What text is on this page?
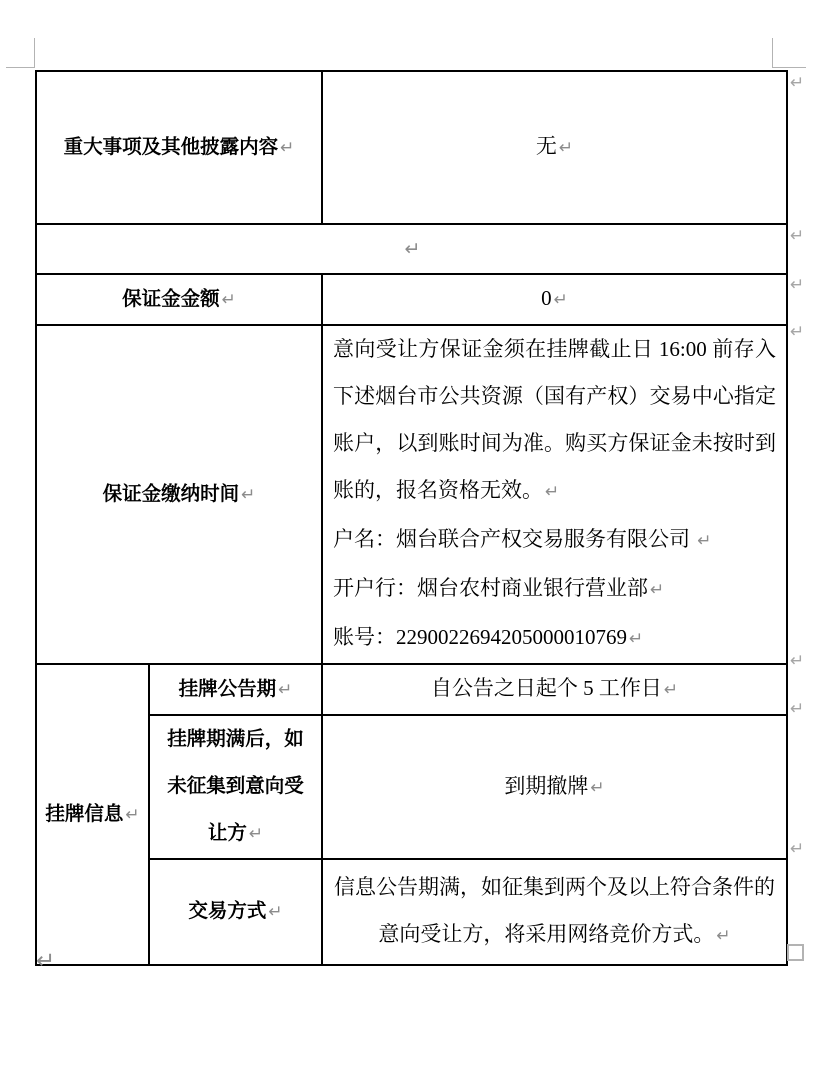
重大事项及其他披露内容 ↵		无 ↵
↵		
保证金金额 ↵		0 ↵
保证金缴纳时间 ↵		意向受让方保证金须在挂牌截止日 16:00 前存入下述烟台市公共资源（国有产权）交易中心指定账户，以到账时间为准。购买方保证金未按时到账的，报名资格无效。 ↵
户名：烟台联合产权交易服务有限公司 ↵
开户行：烟台农村商业银行营业部 ↵
账号：2290022694205000010769 ↵

挂牌信息 ↵	挂牌公告期 ↵	自公告之日起个 5 工作日 ↵
	挂牌期满后，如未征集到意向受让方 ↵	到期撤牌 ↵
	交易方式 ↵	信息公告期满，如征集到两个及以上符合条件的意向受让方，将采用网络竞价方式。 ↵
↵
↵
↵
↵
↵
↵
↵
↵
